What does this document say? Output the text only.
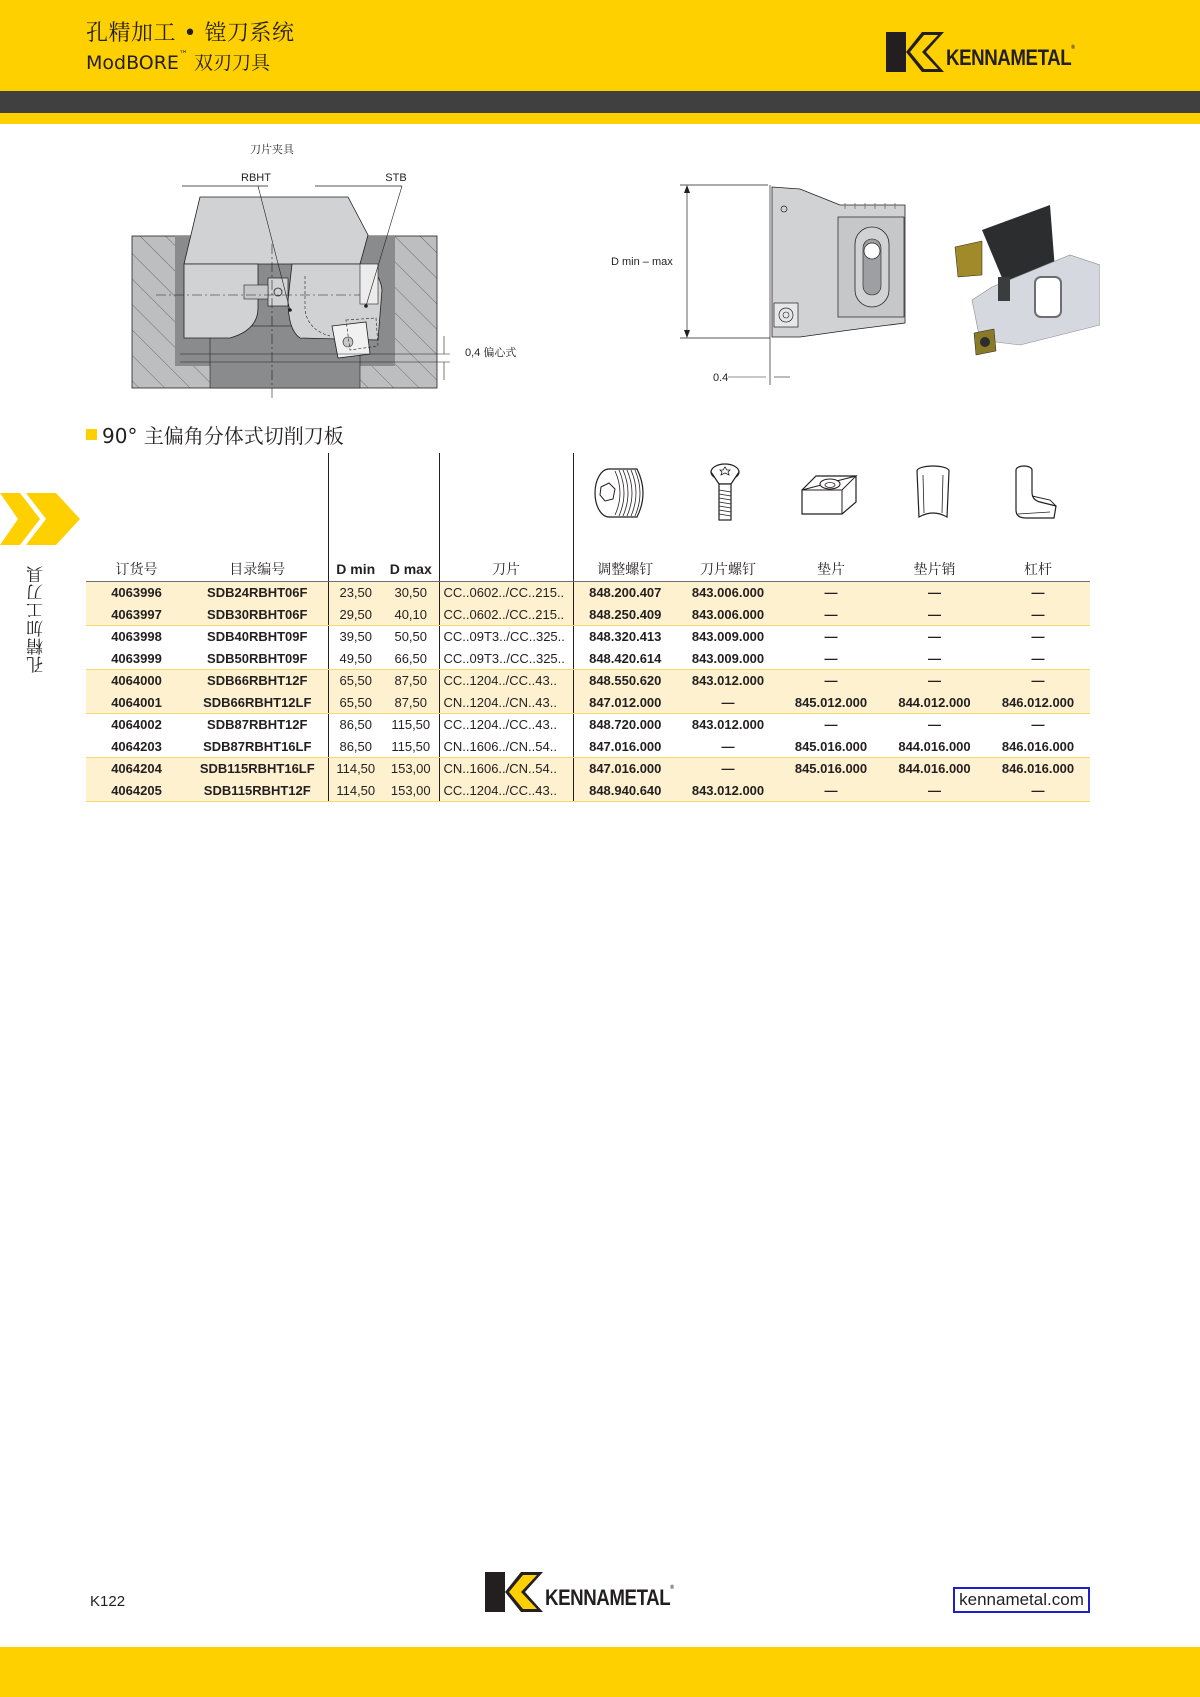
孔精加工 • 镗刀系统
ModBORE™ 双刃刀具	KENNAMETAL®
孔精加工刀具
刀片夹具
RBHT	STB
0,4 偏心式
D min – max
0.4
90° 主偏角分体式切削刀板
订货号	目录编号	D min	D max	刀片	调整螺钉	刀片螺钉	垫片	垫片销	杠杆
4063996	SDB24RBHT06F	23,50	30,50	CC..0602../CC..215..	848.200.407	843.006.000	—	—	—
4063997	SDB30RBHT06F	29,50	40,10	CC..0602../CC..215..	848.250.409	843.006.000	—	—	—
4063998	SDB40RBHT09F	39,50	50,50	CC..09T3../CC..325..	848.320.413	843.009.000	—	—	—
4063999	SDB50RBHT09F	49,50	66,50	CC..09T3../CC..325..	848.420.614	843.009.000	—	—	—
4064000	SDB66RBHT12F	65,50	87,50	CC..1204../CC..43..	848.550.620	843.012.000	—	—	—
4064001	SDB66RBHT12LF	65,50	87,50	CN..1204../CN..43..	847.012.000	—	845.012.000	844.012.000	846.012.000
4064002	SDB87RBHT12F	86,50	115,50	CC..1204../CC..43..	848.720.000	843.012.000	—	—	—
4064203	SDB87RBHT16LF	86,50	115,50	CN..1606../CN..54..	847.016.000	—	845.016.000	844.016.000	846.016.000
4064204	SDB115RBHT16LF	114,50	153,00	CN..1606../CN..54..	847.016.000	—	845.016.000	844.016.000	846.016.000
4064205	SDB115RBHT12F	114,50	153,00	CC..1204../CC..43..	848.940.640	843.012.000	—	—	—
K122	KENNAMETAL®
kennametal.com
